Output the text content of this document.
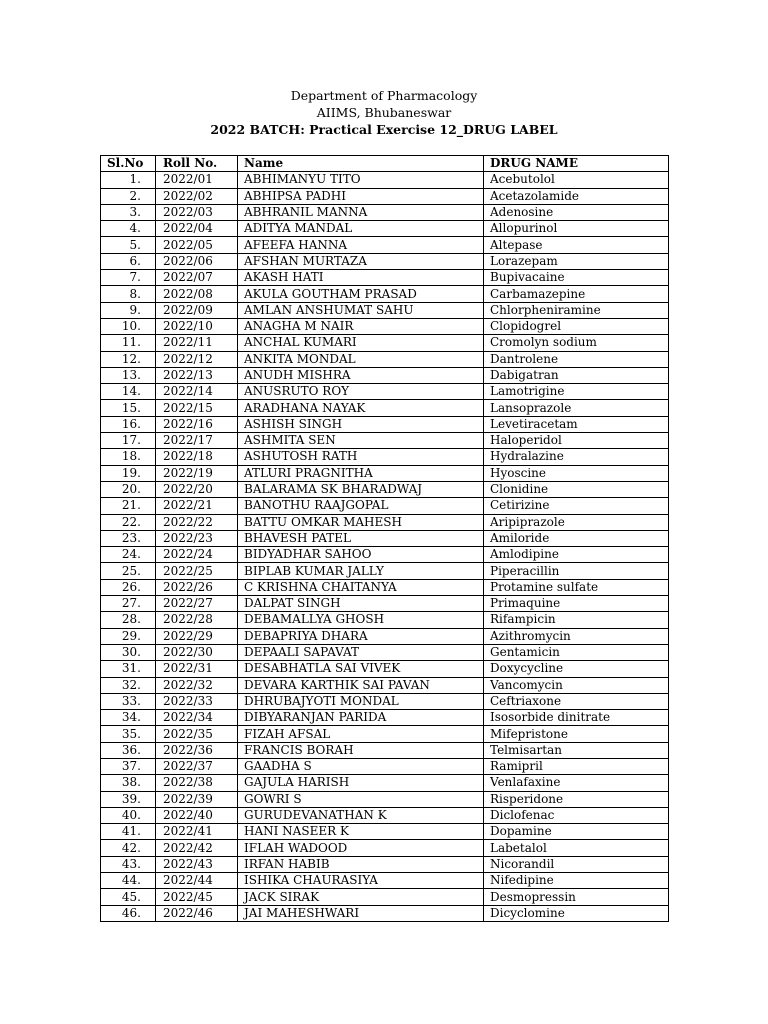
Department of Pharmacology
AIIMS, Bhubaneswar
2022 BATCH: Practical Exercise 12_DRUG LABEL
Sl.No	Roll No.	Name	DRUG NAME
1.	2022/01	ABHIMANYU TITO	Acebutolol
2.	2022/02	ABHIPSA PADHI	Acetazolamide
3.	2022/03	ABHRANIL MANNA	Adenosine
4.	2022/04	ADITYA MANDAL	Allopurinol
5.	2022/05	AFEEFA HANNA	Altepase
6.	2022/06	AFSHAN MURTAZA	Lorazepam
7.	2022/07	AKASH HATI	Bupivacaine
8.	2022/08	AKULA GOUTHAM PRASAD	Carbamazepine
9.	2022/09	AMLAN ANSHUMAT SAHU	Chlorpheniramine
10.	2022/10	ANAGHA M NAIR	Clopidogrel
11.	2022/11	ANCHAL KUMARI	Cromolyn sodium
12.	2022/12	ANKITA MONDAL	Dantrolene
13.	2022/13	ANUDH MISHRA	Dabigatran
14.	2022/14	ANUSRUTO ROY	Lamotrigine
15.	2022/15	ARADHANA NAYAK	Lansoprazole
16.	2022/16	ASHISH SINGH	Levetiracetam
17.	2022/17	ASHMITA SEN	Haloperidol
18.	2022/18	ASHUTOSH RATH	Hydralazine
19.	2022/19	ATLURI PRAGNITHA	Hyoscine
20.	2022/20	BALARAMA SK BHARADWAJ	Clonidine
21.	2022/21	BANOTHU RAAJGOPAL	Cetirizine
22.	2022/22	BATTU OMKAR MAHESH	Aripiprazole
23.	2022/23	BHAVESH PATEL	Amiloride
24.	2022/24	BIDYADHAR SAHOO	Amlodipine
25.	2022/25	BIPLAB KUMAR JALLY	Piperacillin
26.	2022/26	C KRISHNA CHAITANYA	Protamine sulfate
27.	2022/27	DALPAT SINGH	Primaquine
28.	2022/28	DEBAMALLYA GHOSH	Rifampicin
29.	2022/29	DEBAPRIYA DHARA	Azithromycin
30.	2022/30	DEPAALI SAPAVAT	Gentamicin
31.	2022/31	DESABHATLA SAI VIVEK	Doxycycline
32.	2022/32	DEVARA KARTHIK SAI PAVAN	Vancomycin
33.	2022/33	DHRUBAJYOTI MONDAL	Ceftriaxone
34.	2022/34	DIBYARANJAN PARIDA	Isosorbide dinitrate
35.	2022/35	FIZAH AFSAL	Mifepristone
36.	2022/36	FRANCIS BORAH	Telmisartan
37.	2022/37	GAADHA S	Ramipril
38.	2022/38	GAJULA HARISH	Venlafaxine
39.	2022/39	GOWRI S	Risperidone
40.	2022/40	GURUDEVANATHAN K	Diclofenac
41.	2022/41	HANI NASEER K	Dopamine
42.	2022/42	IFLAH WADOOD	Labetalol
43.	2022/43	IRFAN HABIB	Nicorandil
44.	2022/44	ISHIKA CHAURASIYA	Nifedipine
45.	2022/45	JACK SIRAK	Desmopressin
46.	2022/46	JAI MAHESHWARI	Dicyclomine
